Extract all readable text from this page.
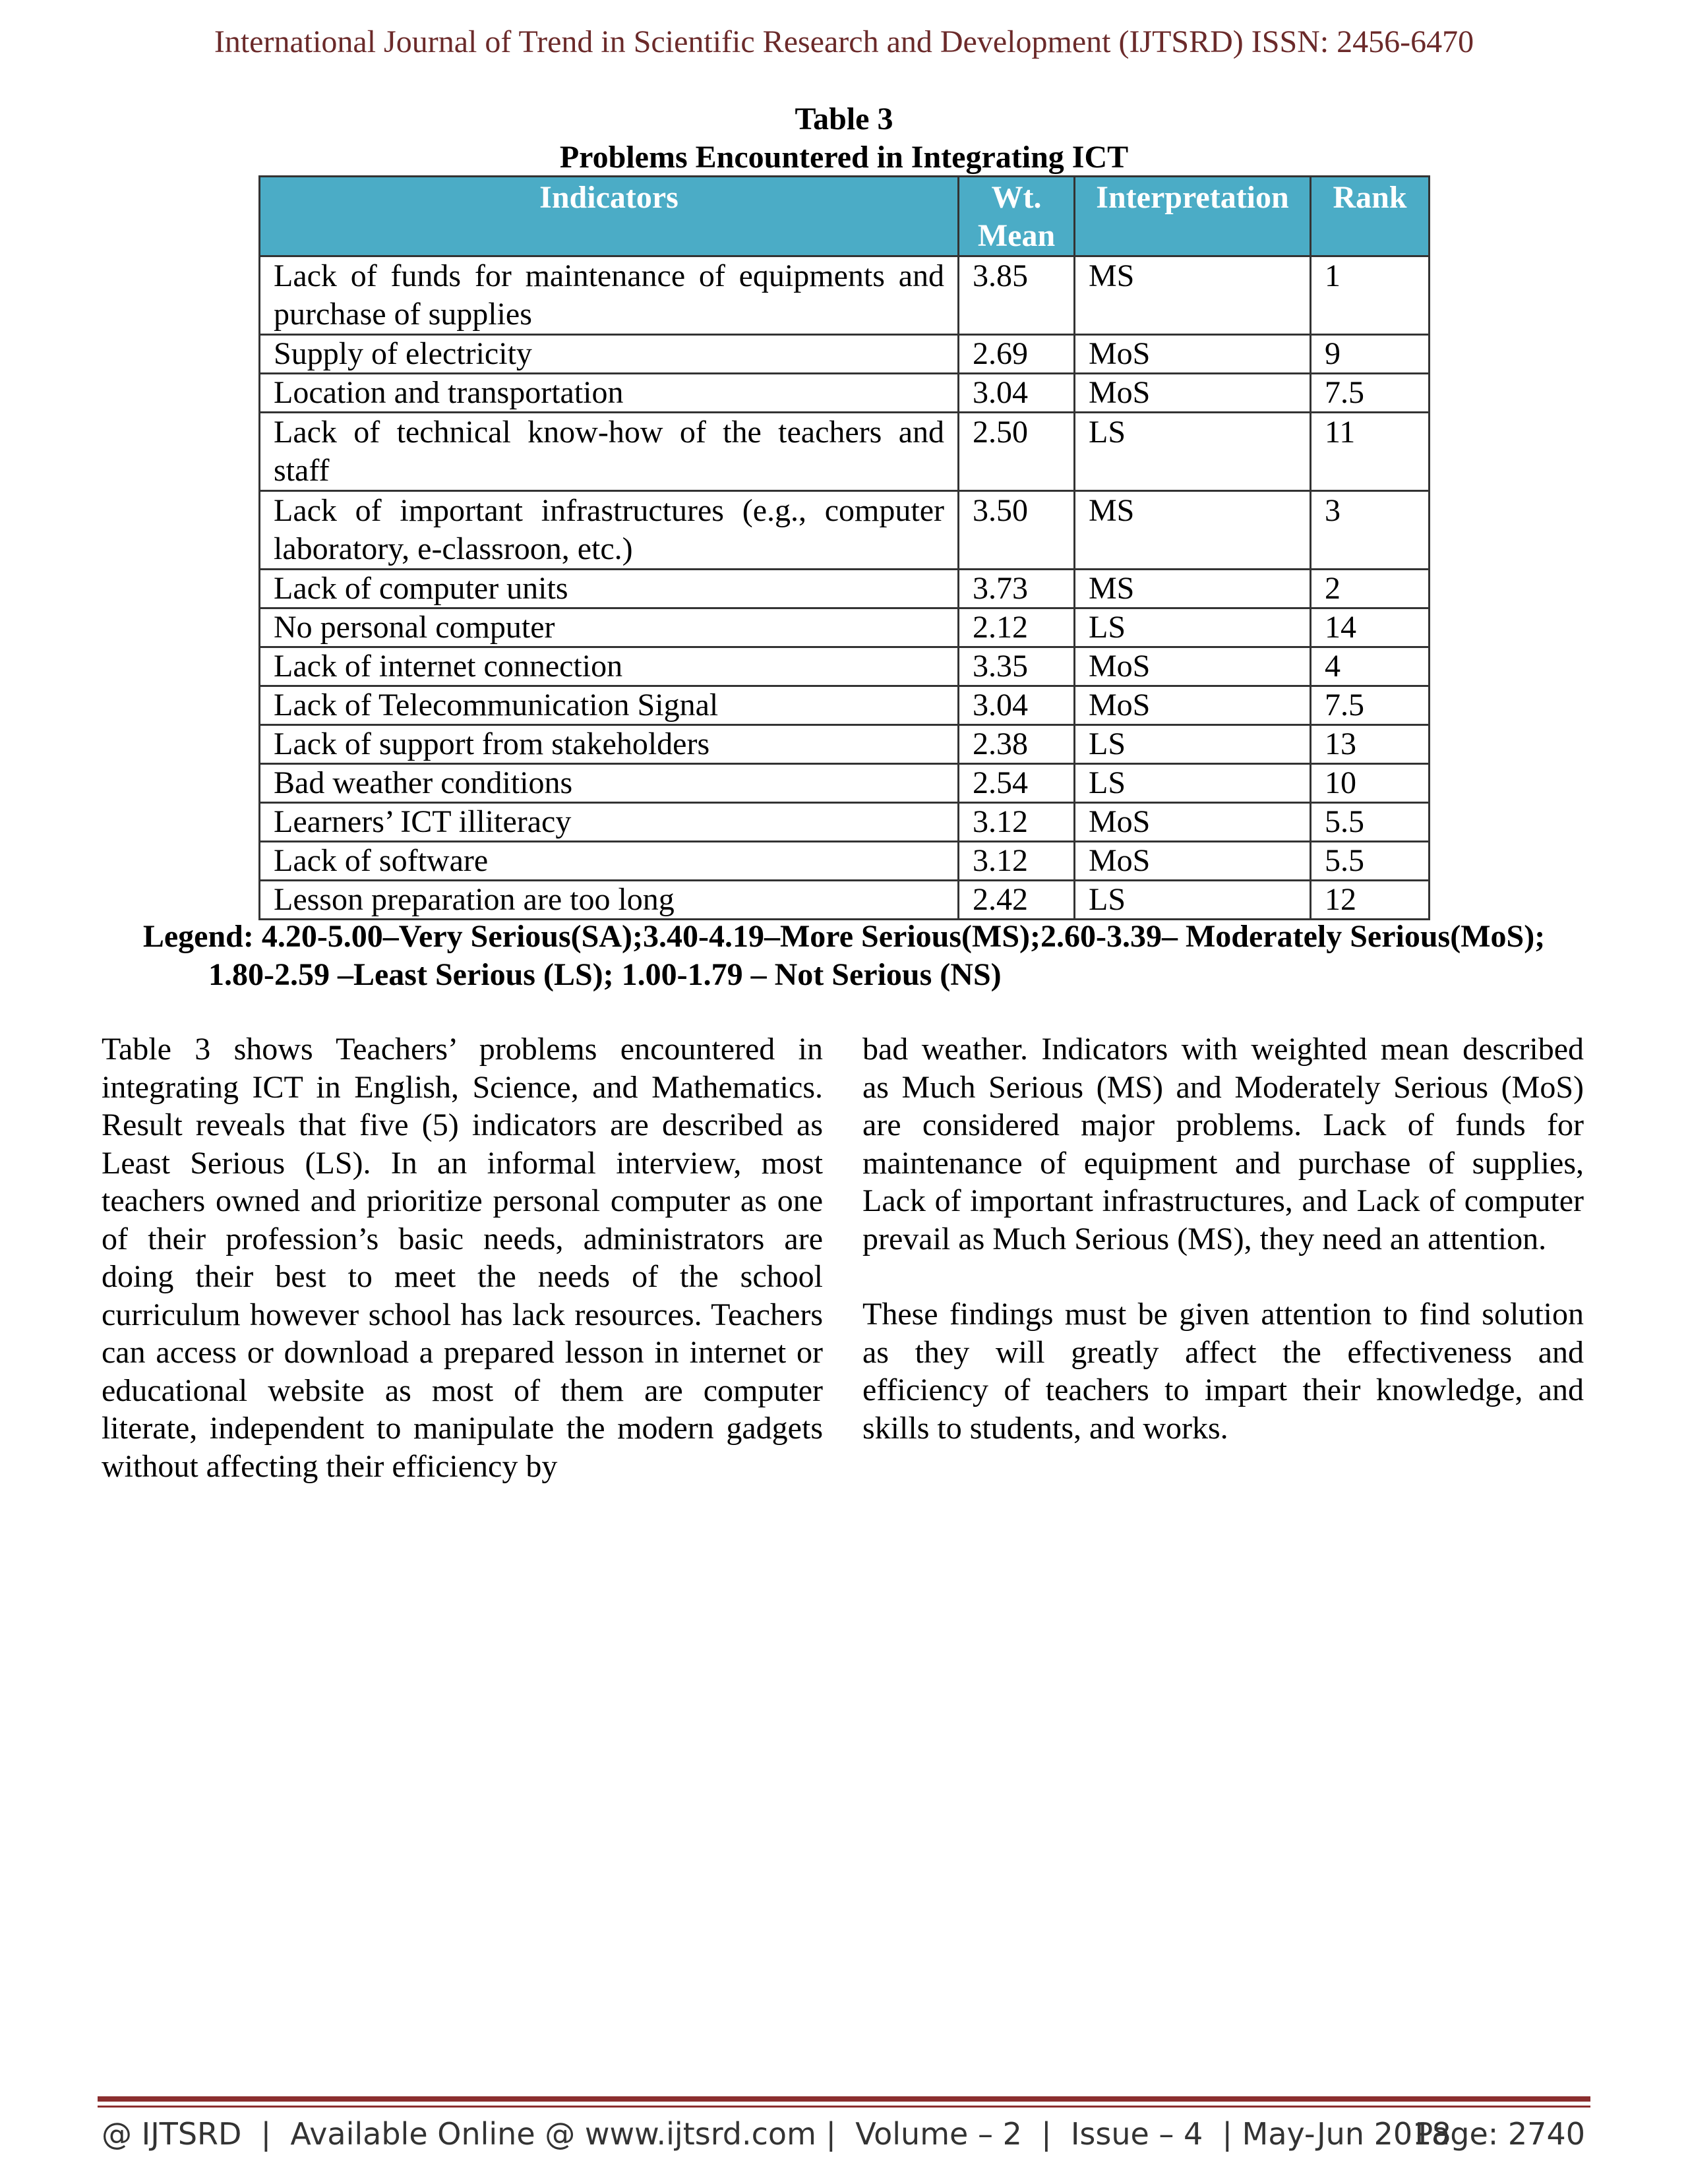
International Journal of Trend in Scientific Research and Development (IJTSRD) ISSN: 2456-6470
Table 3
Problems Encountered in Integrating ICT
Indicators	Wt. Mean	Interpretation	Rank
Lack of funds for maintenance of equipments and purchase of supplies	3.85	MS	1
Supply of electricity	2.69	MoS	9
Location and transportation	3.04	MoS	7.5
Lack of technical know-how of the teachers and staff	2.50	LS	11
Lack of important infrastructures (e.g., computer laboratory, e-classroon, etc.)	3.50	MS	3
Lack of computer units	3.73	MS	2
No personal computer	2.12	LS	14
Lack of internet connection	3.35	MoS	4
Lack of Telecommunication Signal	3.04	MoS	7.5
Lack of support from stakeholders	2.38	LS	13
Bad weather conditions	2.54	LS	10
Learners’ ICT illiteracy	3.12	MoS	5.5
Lack of software	3.12	MoS	5.5
Lesson preparation are too long	2.42	LS	12
Legend: 4.20-5.00–Very Serious(SA);3.40-4.19–More Serious(MS);2.60-3.39– Moderately Serious(MoS);
1.80-2.59 –Least Serious (LS); 1.00-1.79 – Not Serious (NS)

Table 3 shows Teachers’ problems encountered in integrating ICT in English, Science, and Mathematics. Result reveals that five (5) indicators are described as Least Serious (LS). In an informal interview, most teachers owned and prioritize personal computer as one of their profession’s basic needs, administrators are doing their best to meet the needs of the school curriculum however school has lack resources. Teachers can access or download a prepared lesson in internet or educational website as most of them are computer literate, independent to manipulate the modern gadgets without affecting their efficiency by

bad weather. Indicators with weighted mean described as Much Serious (MS) and Moderately Serious (MoS) are considered major problems. Lack of funds for maintenance of equipment and purchase of supplies, Lack of important infrastructures, and Lack of computer prevail as Much Serious (MS), they need an attention.

These findings must be given attention to find solution as they will greatly affect the effectiveness and efficiency of teachers to impart their knowledge, and skills to students, and works.

@ IJTSRD  |  Available Online @ www.ijtsrd.com |  Volume – 2  |  Issue – 4  | May-Jun 2018
Page: 2740
